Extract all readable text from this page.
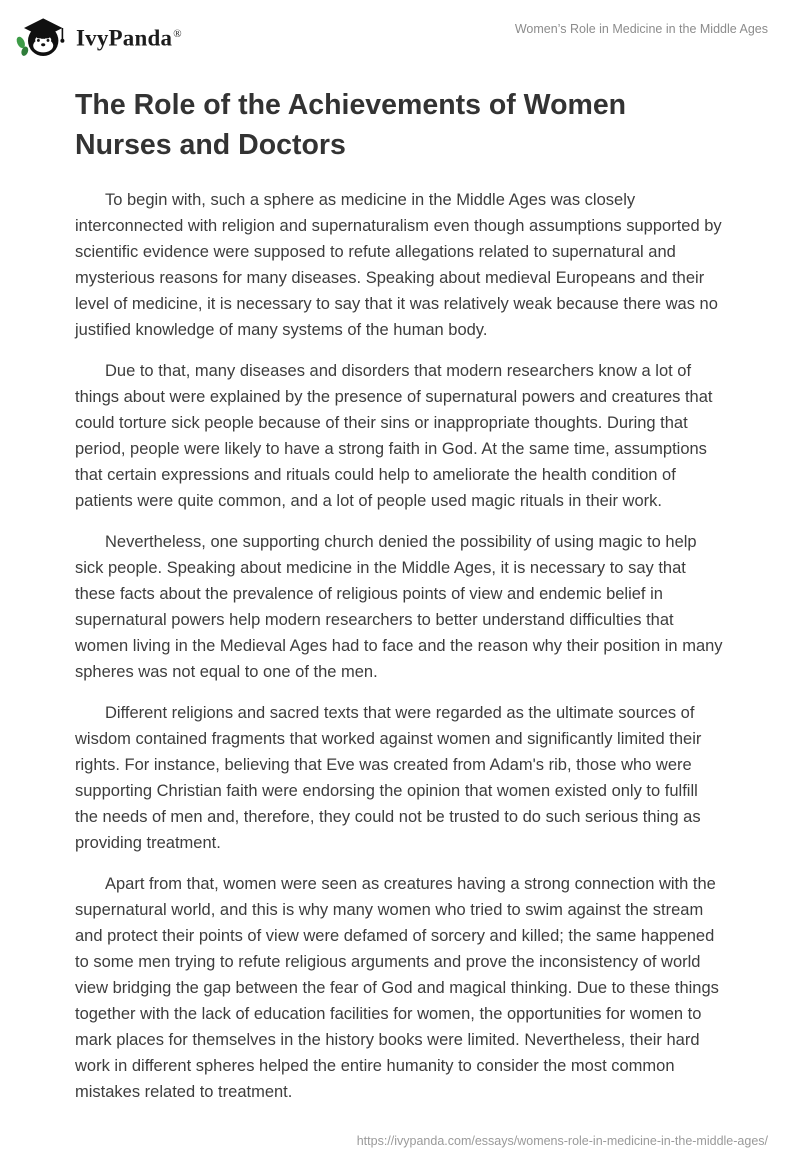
IvyPanda®	Women’s Role in Medicine in the Middle Ages
The Role of the Achievements of Women Nurses and Doctors

To begin with, such a sphere as medicine in the Middle Ages was closely interconnected with religion and supernaturalism even though assumptions supported by scientific evidence were supposed to refute allegations related to supernatural and mysterious reasons for many diseases. Speaking about medieval Europeans and their level of medicine, it is necessary to say that it was relatively weak because there was no justified knowledge of many systems of the human body.

Due to that, many diseases and disorders that modern researchers know a lot of things about were explained by the presence of supernatural powers and creatures that could torture sick people because of their sins or inappropriate thoughts. During that period, people were likely to have a strong faith in God. At the same time, assumptions that certain expressions and rituals could help to ameliorate the health condition of patients were quite common, and a lot of people used magic rituals in their work.

Nevertheless, one supporting church denied the possibility of using magic to help sick people. Speaking about medicine in the Middle Ages, it is necessary to say that these facts about the prevalence of religious points of view and endemic belief in supernatural powers help modern researchers to better understand difficulties that women living in the Medieval Ages had to face and the reason why their position in many spheres was not equal to one of the men.

Different religions and sacred texts that were regarded as the ultimate sources of wisdom contained fragments that worked against women and significantly limited their rights. For instance, believing that Eve was created from Adam's rib, those who were supporting Christian faith were endorsing the opinion that women existed only to fulfill the needs of men and, therefore, they could not be trusted to do such serious thing as providing treatment.

Apart from that, women were seen as creatures having a strong connection with the supernatural world, and this is why many women who tried to swim against the stream and protect their points of view were defamed of sorcery and killed; the same happened to some men trying to refute religious arguments and prove the inconsistency of world view bridging the gap between the fear of God and magical thinking. Due to these things together with the lack of education facilities for women, the opportunities for women to mark places for themselves in the history books were limited. Nevertheless, their hard work in different spheres helped the entire humanity to consider the most common mistakes related to treatment.

https://ivypanda.com/essays/womens-role-in-medicine-in-the-middle-ages/
